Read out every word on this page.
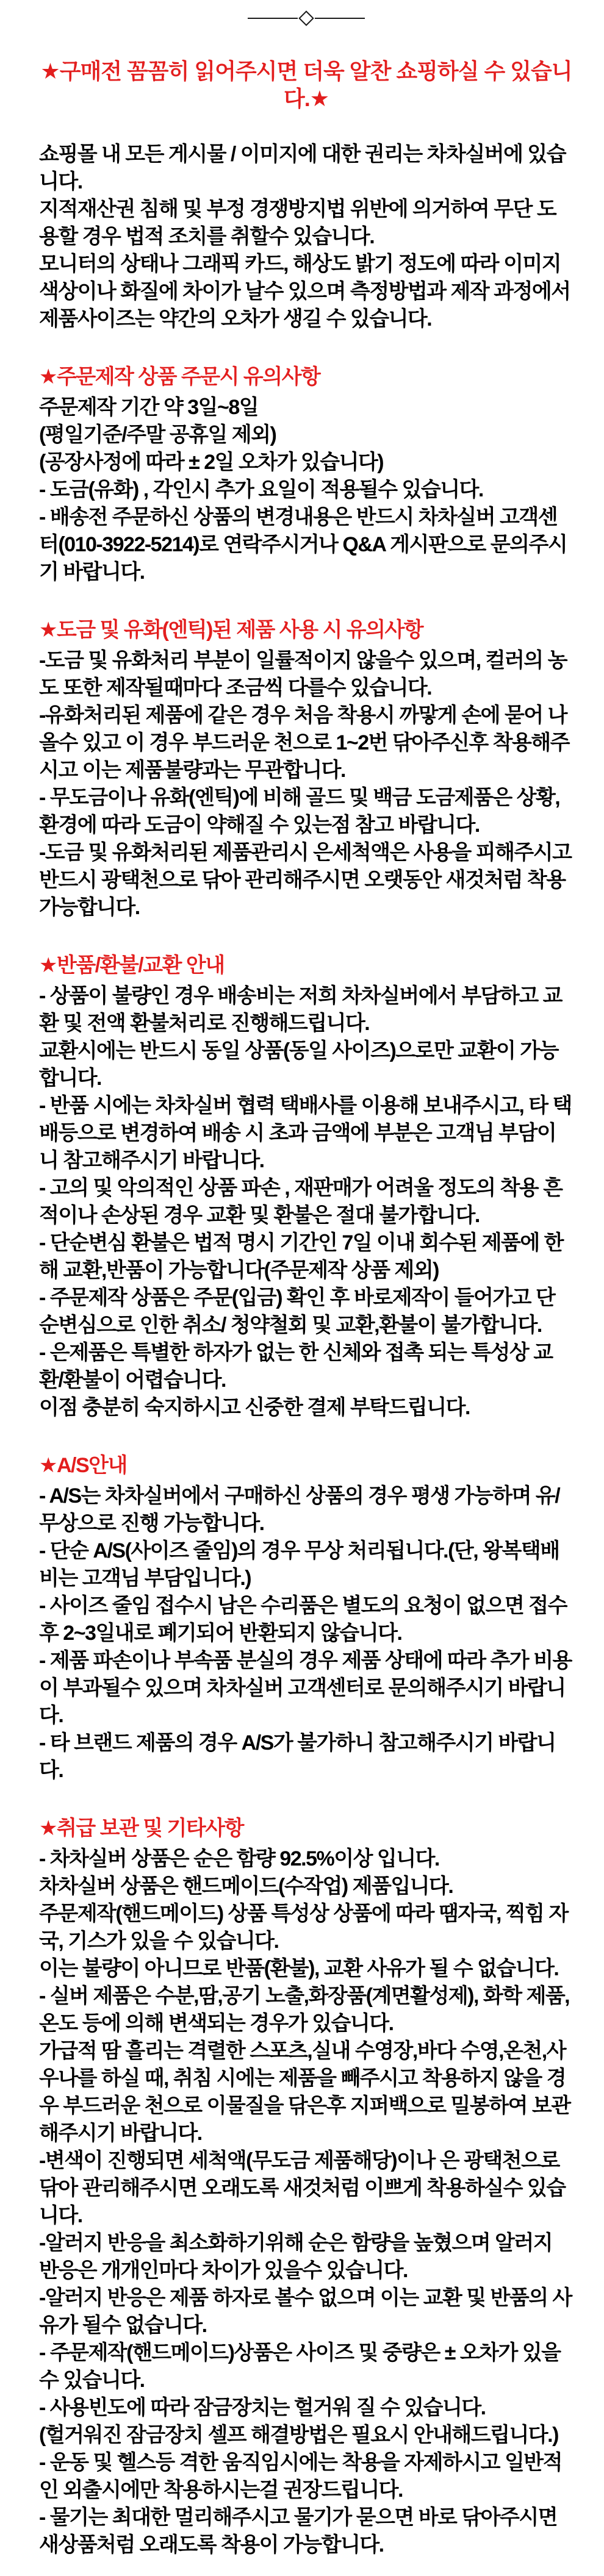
★구매전 꼼꼼히 읽어주시면 더욱 알찬 쇼핑하실 수 있습니다.★

쇼핑몰 내 모든 게시물 / 이미지에 대한 권리는 차차실버에 있습니다.

지적재산권 침해 및 부정 경쟁방지법 위반에 의거하여 무단 도용할 경우 법적 조치를 취할수 있습니다.

모니터의 상태나 그래픽 카드, 해상도 밝기 정도에 따라 이미지 색상이나 화질에 차이가 날수 있으며 측정방법과 제작 과정에서 제품사이즈는 약간의 오차가 생길 수 있습니다.

★주문제작 상품 주문시 유의사항

주문제작 기간 약 3일~8일

(평일기준/주말 공휴일 제외)

(공장사정에 따라 ± 2일 오차가 있습니다)

- 도금(유화) , 각인시 추가 요일이 적용될수 있습니다.

- 배송전 주문하신 상품의 변경내용은 반드시 차차실버 고객센터(010-3922-5214)로 연락주시거나 Q&A 게시판으로 문의주시기 바랍니다.

★도금 및 유화(엔틱)된 제품 사용 시 유의사항

-도금 및 유화처리 부분이 일률적이지 않을수 있으며, 컬러의 농도 또한 제작될때마다 조금씩 다를수 있습니다.

-유화처리된 제품에 같은 경우 처음 착용시 까맣게 손에 묻어 나올수 있고 이 경우 부드러운 천으로 1~2번 닦아주신후 착용해주시고 이는 제품불량과는 무관합니다.

- 무도금이나 유화(엔틱)에 비해 골드 및 백금 도금제품은 상황,환경에 따라 도금이 약해질 수 있는점 참고 바랍니다.

-도금 및 유화처리된 제품관리시 은세척액은 사용을 피해주시고 반드시 광택천으로 닦아 관리해주시면 오랫동안 새것처럼 착용가능합니다.

★반품/환불/교환 안내

- 상품이 불량인 경우 배송비는 저희 차차실버에서 부담하고 교환 및 전액 환불처리로 진행해드립니다.

교환시에는 반드시 동일 상품(동일 사이즈)으로만 교환이 가능합니다.

- 반품 시에는 차차실버 협력 택배사를 이용해 보내주시고, 타 택배등으로 변경하여 배송 시 초과 금액에 부분은 고객님 부담이니 참고해주시기 바랍니다.

- 고의 및 악의적인 상품 파손 , 재판매가 어려울 정도의 착용 흔적이나 손상된 경우 교환 및 환불은 절대 불가합니다.

- 단순변심 환불은 법적 명시 기간인 7일 이내 회수된 제품에 한해 교환,반품이 가능합니다(주문제작 상품 제외)

- 주문제작 상품은 주문(입금) 확인 후 바로제작이 들어가고 단순변심으로 인한 취소/ 청약철회 및 교환,환불이 불가합니다.

- 은제품은 특별한 하자가 없는 한 신체와 접촉 되는 특성상 교환/환불이 어렵습니다.

이점 충분히 숙지하시고 신중한 결제 부탁드립니다.

★A/S안내

- A/S는 차차실버에서 구매하신 상품의 경우 평생 가능하며 유/무상으로 진행 가능합니다.

- 단순 A/S(사이즈 줄임)의 경우 무상 처리됩니다.(단, 왕복택배비는 고객님 부담입니다.)

- 사이즈 줄임 접수시 남은 수리품은 별도의 요청이 없으면 접수후 2~3일내로 폐기되어 반환되지 않습니다.

- 제품 파손이나 부속품 분실의 경우 제품 상태에 따라 추가 비용이 부과될수 있으며 차차실버 고객센터로 문의해주시기 바랍니다.

- 타 브랜드 제품의 경우 A/S가 불가하니 참고해주시기 바랍니다.

★취급 보관 및 기타사항

- 차차실버 상품은 순은 함량 92.5%이상 입니다.

차차실버 상품은 핸드메이드(수작업) 제품입니다.

주문제작(핸드메이드) 상품 특성상 상품에 따라 땜자국, 찍힘 자국, 기스가 있을 수 있습니다.

이는 불량이 아니므로 반품(환불), 교환 사유가 될 수 없습니다.

- 실버 제품은 수분,땀,공기 노출,화장품(계면활성제), 화학 제품, 온도 등에 의해 변색되는 경우가 있습니다.

가급적 땀 흘리는 격렬한 스포츠,실내 수영장,바다 수영,온천,사우나를 하실 때, 취침 시에는 제품을 빼주시고 착용하지 않을 경우 부드러운 천으로 이물질을 닦은후 지퍼백으로 밀봉하여 보관해주시기 바랍니다.

-변색이 진행되면 세척액(무도금 제품해당)이나 은 광택천으로 닦아 관리해주시면 오래도록 새것처럼 이쁘게 착용하실수 있습니다.

-알러지 반응을 최소화하기위해 순은 함량을 높혔으며 알러지 반응은 개개인마다 차이가 있을수 있습니다.

-알러지 반응은 제품 하자로 볼수 없으며 이는 교환 및 반품의 사유가 될수 없습니다.

- 주문제작(핸드메이드)상품은 사이즈 및 중량은 ± 오차가 있을 수 있습니다.

- 사용빈도에 따라 잠금장치는 헐거워 질 수 있습니다.

(헐거워진 잠금장치 셀프 해결방법은 필요시 안내해드립니다.)

- 운동 및 헬스등 격한 움직임시에는 착용을 자제하시고 일반적인 외출시에만 착용하시는걸 권장드립니다.

- 물기는 최대한 멀리해주시고 물기가 묻으면 바로 닦아주시면 새상품처럼 오래도록 착용이 가능합니다.
